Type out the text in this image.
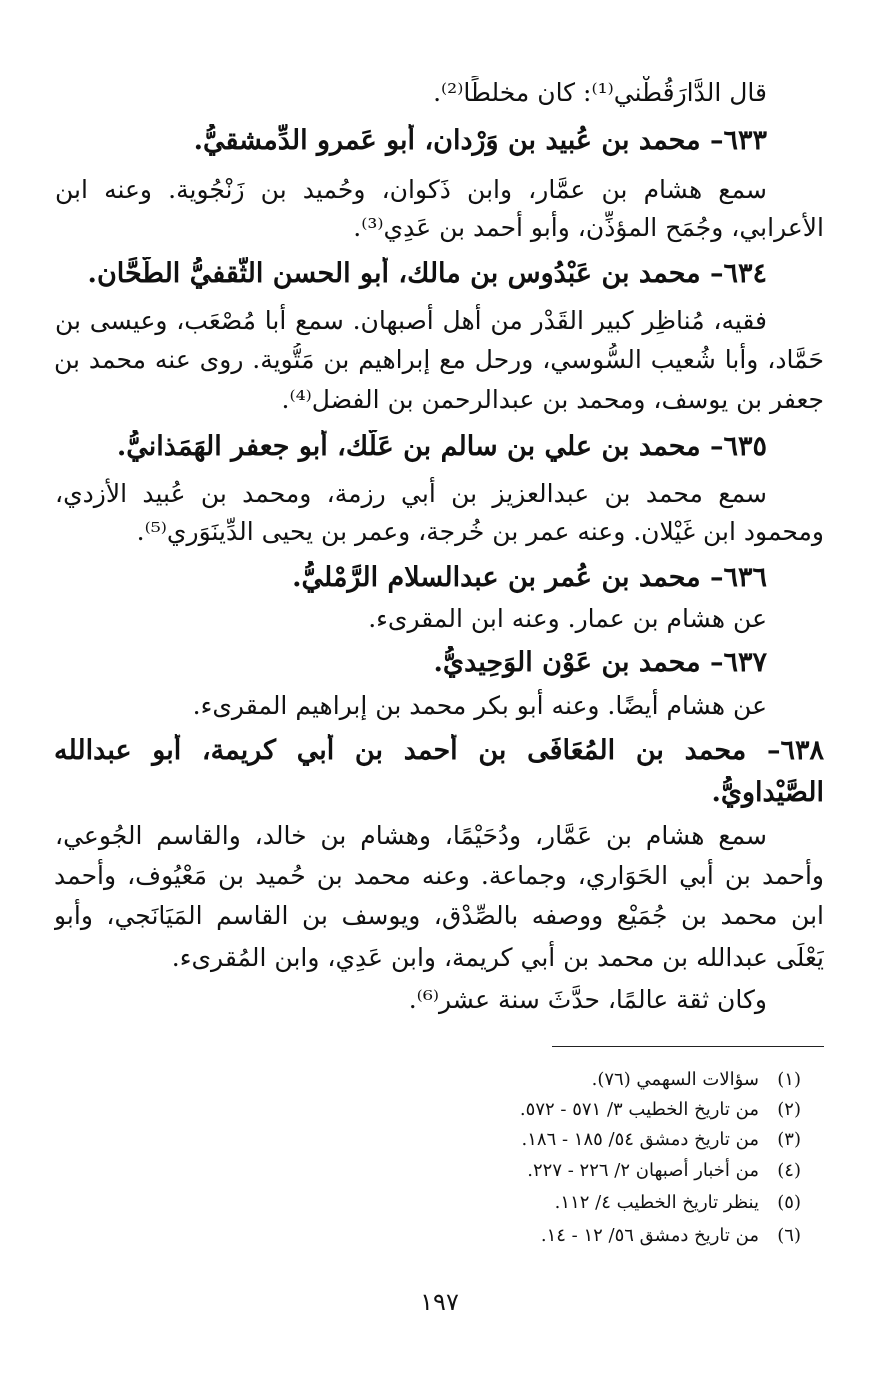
قال الدَّارَقُطْني⁽¹⁾: كان مخلطًا⁽²⁾.
٦٣٣– محمد بن عُبيد بن وَرْدان، أبو عَمرو الدِّمشقيُّ.
سمع هشام بن عمَّار، وابن ذَكوان، وحُميد بن زَنْجُوية. وعنه ابن
الأعرابي، وجُمَح المؤذِّن، وأبو أحمد بن عَدِي⁽³⁾.
٦٣٤– محمد بن عَبْدُوس بن مالك، أبو الحسن الثَّقفيُّ الطَّحَّان.
فقيه، مُناظِر كبير القَدْر من أهل أصبهان. سمع أبا مُصْعَب، وعيسى بن
حَمَّاد، وأبا شُعيب السُّوسي، ورحل مع إبراهيم بن مَتُّوية. روى عنه محمد بن
جعفر بن يوسف، ومحمد بن عبدالرحمن بن الفضل⁽⁴⁾.
٦٣٥– محمد بن علي بن سالم بن عَلَّك، أبو جعفر الهَمَذانيُّ.
سمع محمد بن عبدالعزيز بن أبي رزمة، ومحمد بن عُبيد الأزدي،
ومحمود ابن غَيْلان. وعنه عمر بن خُرجة، وعمر بن يحيى الدِّينَوَري⁽⁵⁾.
٦٣٦– محمد بن عُمر بن عبدالسلام الرَّمْليُّ.
عن هشام بن عمار. وعنه ابن المقرىء.
٦٣٧– محمد بن عَوْن الوَحِيديُّ.
عن هشام أيضًا. وعنه أبو بكر محمد بن إبراهيم المقرىء.
٦٣٨– محمد بن المُعَافَى بن أحمد بن أبي كريمة، أبو عبدالله
الصَّيْداويُّ.
سمع هشام بن عَمَّار، ودُحَيْمًا، وهشام بن خالد، والقاسم الجُوعي،
وأحمد بن أبي الحَوَاري، وجماعة. وعنه محمد بن حُميد بن مَعْيُوف، وأحمد
ابن محمد بن جُمَيْع ووصفه بالصِّدْق، ويوسف بن القاسم المَيَانَجي، وأبو
يَعْلَى عبدالله بن محمد بن أبي كريمة، وابن عَدِي، وابن المُقرىء.
وكان ثقة عالمًا، حدَّثَ سنة عشر⁽⁶⁾.
(١)سؤالات السهمي (٧٦).
(٢)من تاريخ الخطيب ٣/ ٥٧١ - ٥٧٢.
(٣)من تاريخ دمشق ٥٤/ ١٨٥ - ١٨٦.
(٤)من أخبار أصبهان ٢/ ٢٢٦ - ٢٢٧.
(٥)ينظر تاريخ الخطيب ٤/ ١١٢.
(٦)من تاريخ دمشق ٥٦/ ١٢ - ١٤.
١٩٧
